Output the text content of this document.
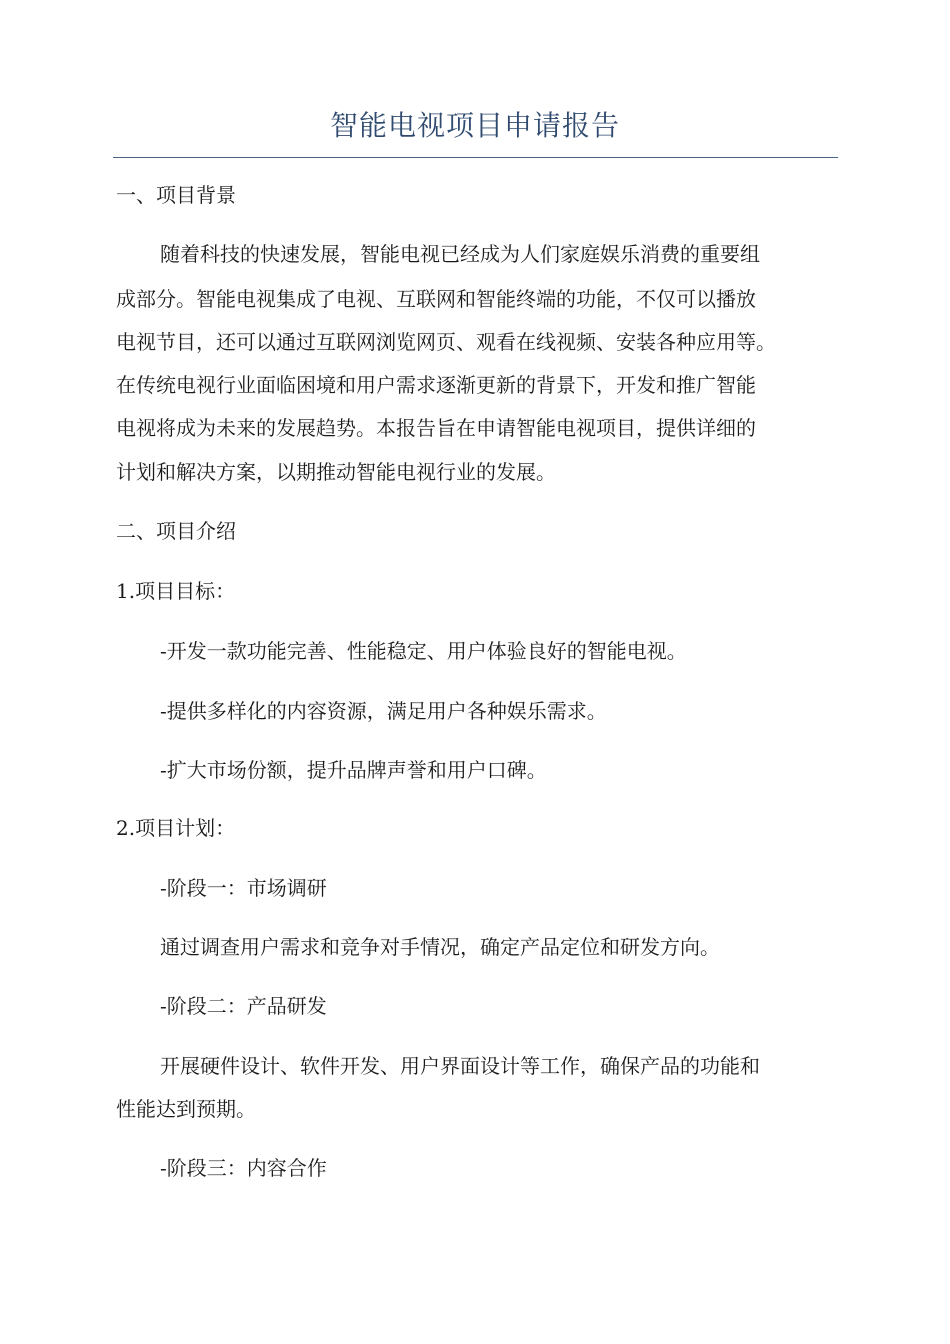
智能电视项目申请报告
一、项目背景
随着科技的快速发展，智能电视已经成为人们家庭娱乐消费的重要组
成部分。智能电视集成了电视、互联网和智能终端的功能，不仅可以播放
电视节目，还可以通过互联网浏览网页、观看在线视频、安装各种应用等。
在传统电视行业面临困境和用户需求逐渐更新的背景下，开发和推广智能
电视将成为未来的发展趋势。本报告旨在申请智能电视项目，提供详细的
计划和解决方案，以期推动智能电视行业的发展。
二、项目介绍
1.项目目标：
-开发一款功能完善、性能稳定、用户体验良好的智能电视。
-提供多样化的内容资源，满足用户各种娱乐需求。
-扩大市场份额，提升品牌声誉和用户口碑。
2.项目计划：
-阶段一：市场调研
通过调查用户需求和竞争对手情况，确定产品定位和研发方向。
-阶段二：产品研发
开展硬件设计、软件开发、用户界面设计等工作，确保产品的功能和
性能达到预期。
-阶段三：内容合作
